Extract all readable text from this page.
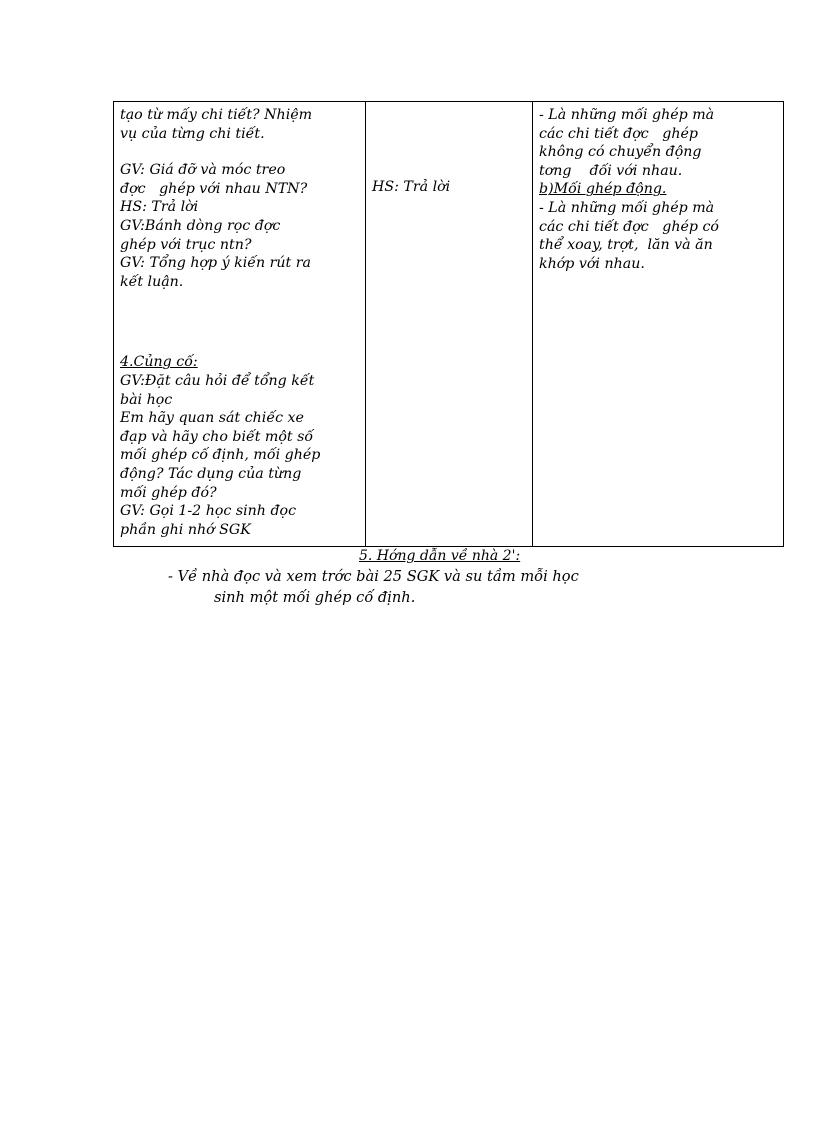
tạo từ mấy chi tiết? Nhiệm
vụ của từng chi tiết.
GV: Giá đỡ và móc treo
đợc   ghép với nhau NTN?
HS: Trả lời
GV:Bánh dòng rọc đợc
ghép với trục ntn?
GV: Tổng hợp ý kiến rút ra
kết luận.
4.Củng cố:
GV:Đặt câu hỏi để tổng kết
bài học
Em hãy quan sát chiếc xe
đạp và hãy cho biết một số
mối ghép cố định, mối ghép
động? Tác dụng của từng
mối ghép đó?
GV: Gọi 1-2 học sinh đọc
phần ghi nhớ SGK

HS: Trả lời

- Là những mối ghép mà
các chi tiết đợc   ghép
không có chuyển động
tơng    đối với nhau.
b)Mối ghép động.
- Là những mối ghép mà
các chi tiết đợc   ghép có
thể xoay, trợt,  lăn và ăn
khớp với nhau.
5. Hớng dẫn về nhà 2':
- Về nhà đọc và xem trớc bài 25 SGK và su tầm mỗi học
sinh một mối ghép cố định.
